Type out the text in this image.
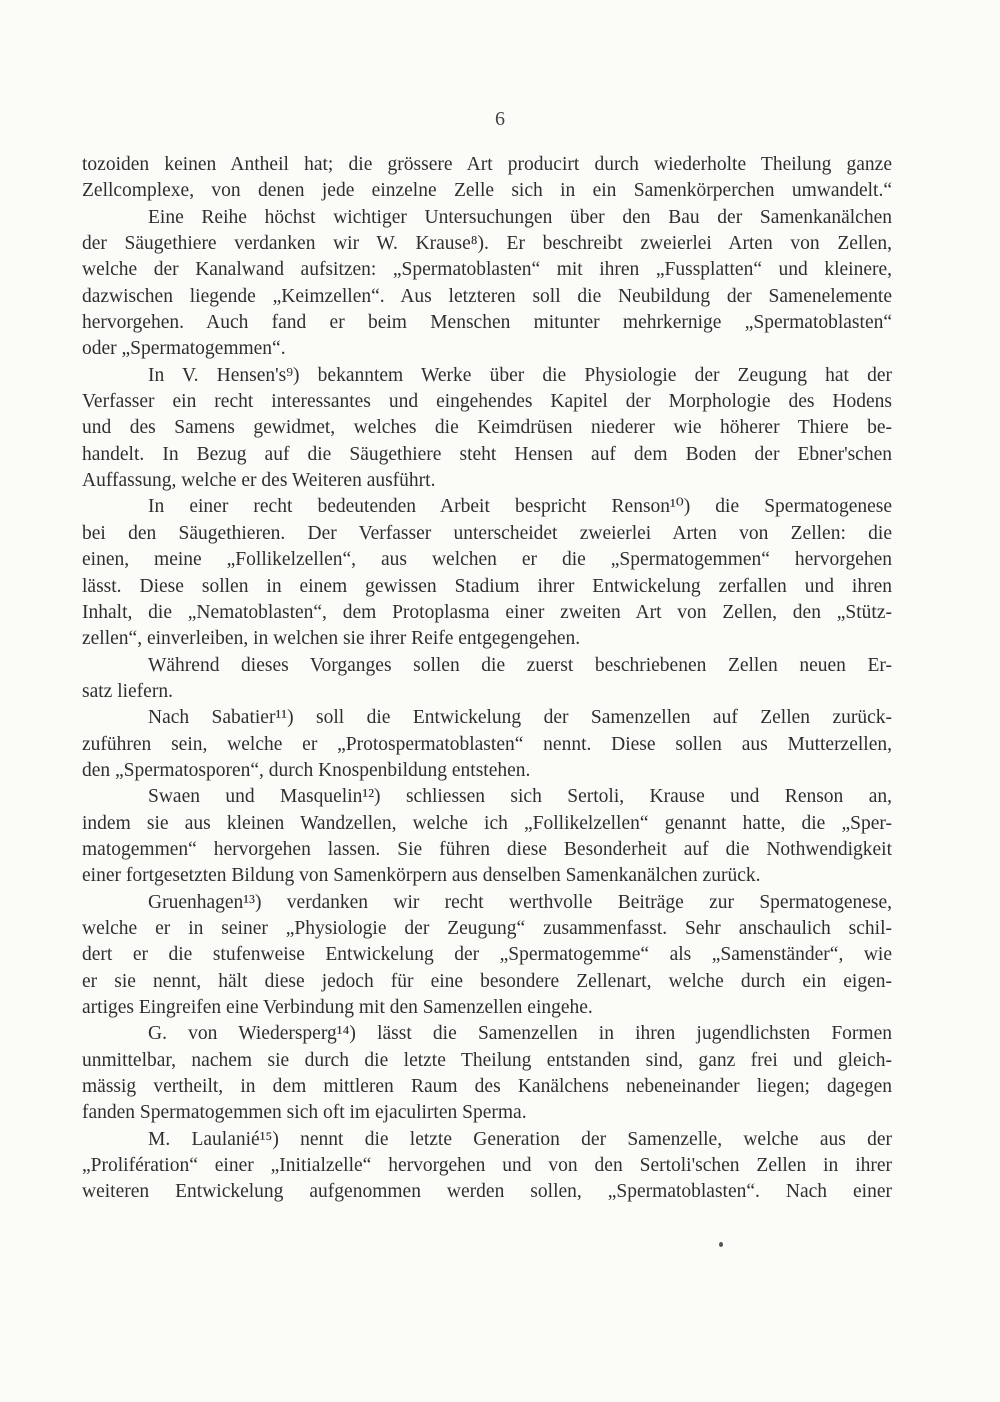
6
tozoiden keinen Antheil hat; die grössere Art producirt durch wiederholte Theilung ganze
Zellcomplexe, von denen jede einzelne Zelle sich in ein Samenkörperchen umwandelt.“
Eine Reihe höchst wichtiger Untersuchungen über den Bau der Samenkanälchen
der Säugethiere verdanken wir W. Krause⁸). Er beschreibt zweierlei Arten von Zellen,
welche der Kanalwand aufsitzen: „Spermatoblasten“ mit ihren „Fussplatten“ und kleinere,
dazwischen liegende „Keimzellen“. Aus letzteren soll die Neubildung der Samenelemente
hervorgehen. Auch fand er beim Menschen mitunter mehrkernige „Spermatoblasten“
oder „Spermatogemmen“.
In V. Hensen's⁹) bekanntem Werke über die Physiologie der Zeugung hat der
Verfasser ein recht interessantes und eingehendes Kapitel der Morphologie des Hodens
und des Samens gewidmet, welches die Keimdrüsen niederer wie höherer Thiere be-
handelt. In Bezug auf die Säugethiere steht Hensen auf dem Boden der Ebner'schen
Auffassung, welche er des Weiteren ausführt.
In einer recht bedeutenden Arbeit bespricht Renson¹⁰) die Spermatogenese
bei den Säugethieren. Der Verfasser unterscheidet zweierlei Arten von Zellen: die
einen, meine „Follikelzellen“, aus welchen er die „Spermatogemmen“ hervorgehen
lässt. Diese sollen in einem gewissen Stadium ihrer Entwickelung zerfallen und ihren
Inhalt, die „Nematoblasten“, dem Protoplasma einer zweiten Art von Zellen, den „Stütz-
zellen“, einverleiben, in welchen sie ihrer Reife entgegengehen.
Während dieses Vorganges sollen die zuerst beschriebenen Zellen neuen Er-
satz liefern.
Nach Sabatier¹¹) soll die Entwickelung der Samenzellen auf Zellen zurück-
zuführen sein, welche er „Protospermatoblasten“ nennt. Diese sollen aus Mutterzellen,
den „Spermatosporen“, durch Knospenbildung entstehen.
Swaen und Masquelin¹²) schliessen sich Sertoli, Krause und Renson an,
indem sie aus kleinen Wandzellen, welche ich „Follikelzellen“ genannt hatte, die „Sper-
matogemmen“ hervorgehen lassen. Sie führen diese Besonderheit auf die Nothwendigkeit
einer fortgesetzten Bildung von Samenkörpern aus denselben Samenkanälchen zurück.
Gruenhagen¹³) verdanken wir recht werthvolle Beiträge zur Spermatogenese,
welche er in seiner „Physiologie der Zeugung“ zusammenfasst. Sehr anschaulich schil-
dert er die stufenweise Entwickelung der „Spermatogemme“ als „Samenständer“, wie
er sie nennt, hält diese jedoch für eine besondere Zellenart, welche durch ein eigen-
artiges Eingreifen eine Verbindung mit den Samenzellen eingehe.
G. von Wiedersperg¹⁴) lässt die Samenzellen in ihren jugendlichsten Formen
unmittelbar, nachem sie durch die letzte Theilung entstanden sind, ganz frei und gleich-
mässig vertheilt, in dem mittleren Raum des Kanälchens nebeneinander liegen; dagegen
fanden Spermatogemmen sich oft im ejaculirten Sperma.
M. Laulanié¹⁵) nennt die letzte Generation der Samenzelle, welche aus der
„Prolifération“ einer „Initialzelle“ hervorgehen und von den Sertoli'schen Zellen in ihrer
weiteren Entwickelung aufgenommen werden sollen, „Spermatoblasten“. Nach einer
